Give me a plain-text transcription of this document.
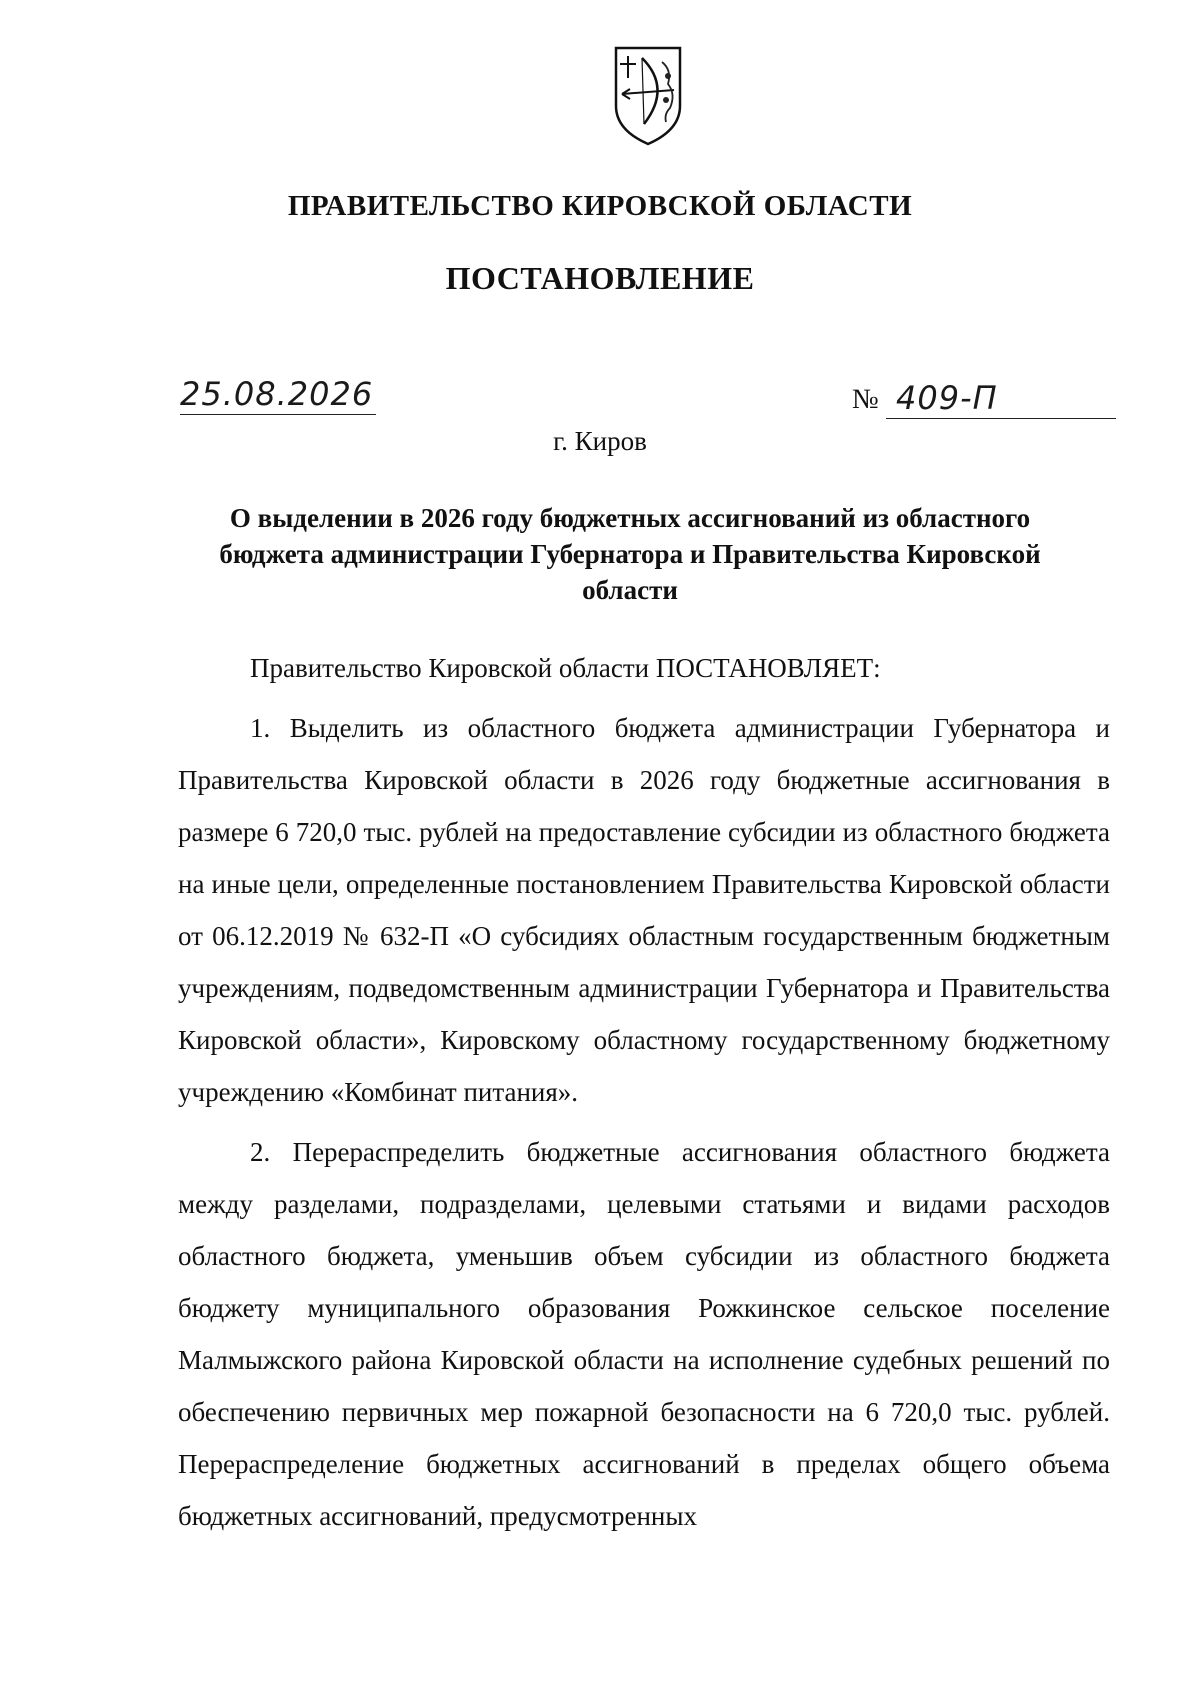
ПРАВИТЕЛЬСТВО КИРОВСКОЙ ОБЛАСТИ
ПОСТАНОВЛЕНИЕ
25.08.2026	№ 409-П
г. Киров
О выделении в 2026 году бюджетных ассигнований из областного
бюджета администрации Губернатора и Правительства Кировской
области

Правительство Кировской области ПОСТАНОВЛЯЕТ:

1. Выделить из областного бюджета администрации Губернатора и Правительства Кировской области в 2026 году бюджетные ассигнования в размере 6 720,0 тыс. рублей на предоставление субсидии из областного бюджета на иные цели, определенные постановлением Правительства Кировской области от 06.12.2019 № 632-П «О субсидиях областным государственным бюджетным учреждениям, подведомственным администрации Губернатора и Правительства Кировской области», Кировскому областному государственному бюджетному учреждению «Комбинат питания».

2. Перераспределить бюджетные ассигнования областного бюджета между разделами, подразделами, целевыми статьями и видами расходов областного бюджета, уменьшив объем субсидии из областного бюджета бюджету муниципального образования Рожкинское сельское поселение Малмыжского района Кировской области на исполнение судебных решений по обеспечению первичных мер пожарной безопасности на 6 720,0 тыс. рублей. Перераспределение бюджетных ассигнований в пределах общего объема бюджетных ассигнований, предусмотренных
